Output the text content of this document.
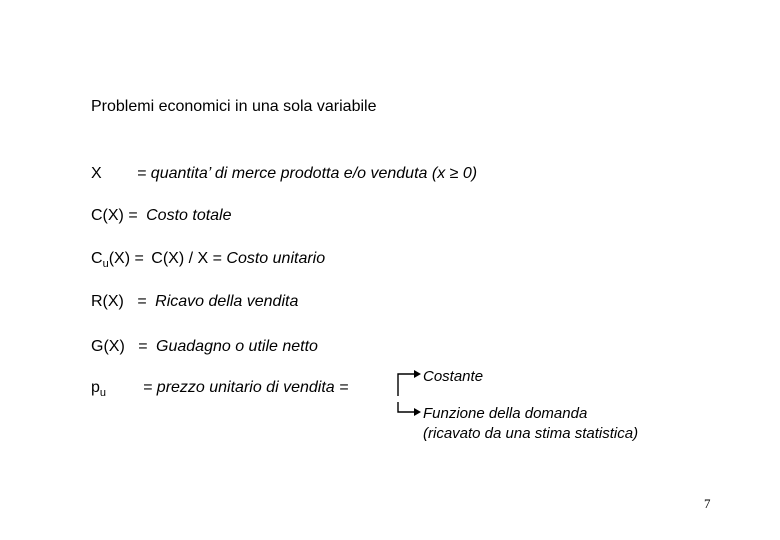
Problemi economici in una sola variabile
X = quantita’ di merce prodotta e/o venduta (x ≥ 0)
C(X) = Costo totale
$C_u(X) = C(X) / X$ = Costo unitario
R(X) = Ricavo della vendita
G(X) = Guadagno o utile netto
$p_u$ = prezzo unitario di vendita =
Costante
Funzione della domanda
(ricavato da una stima statistica)
7
